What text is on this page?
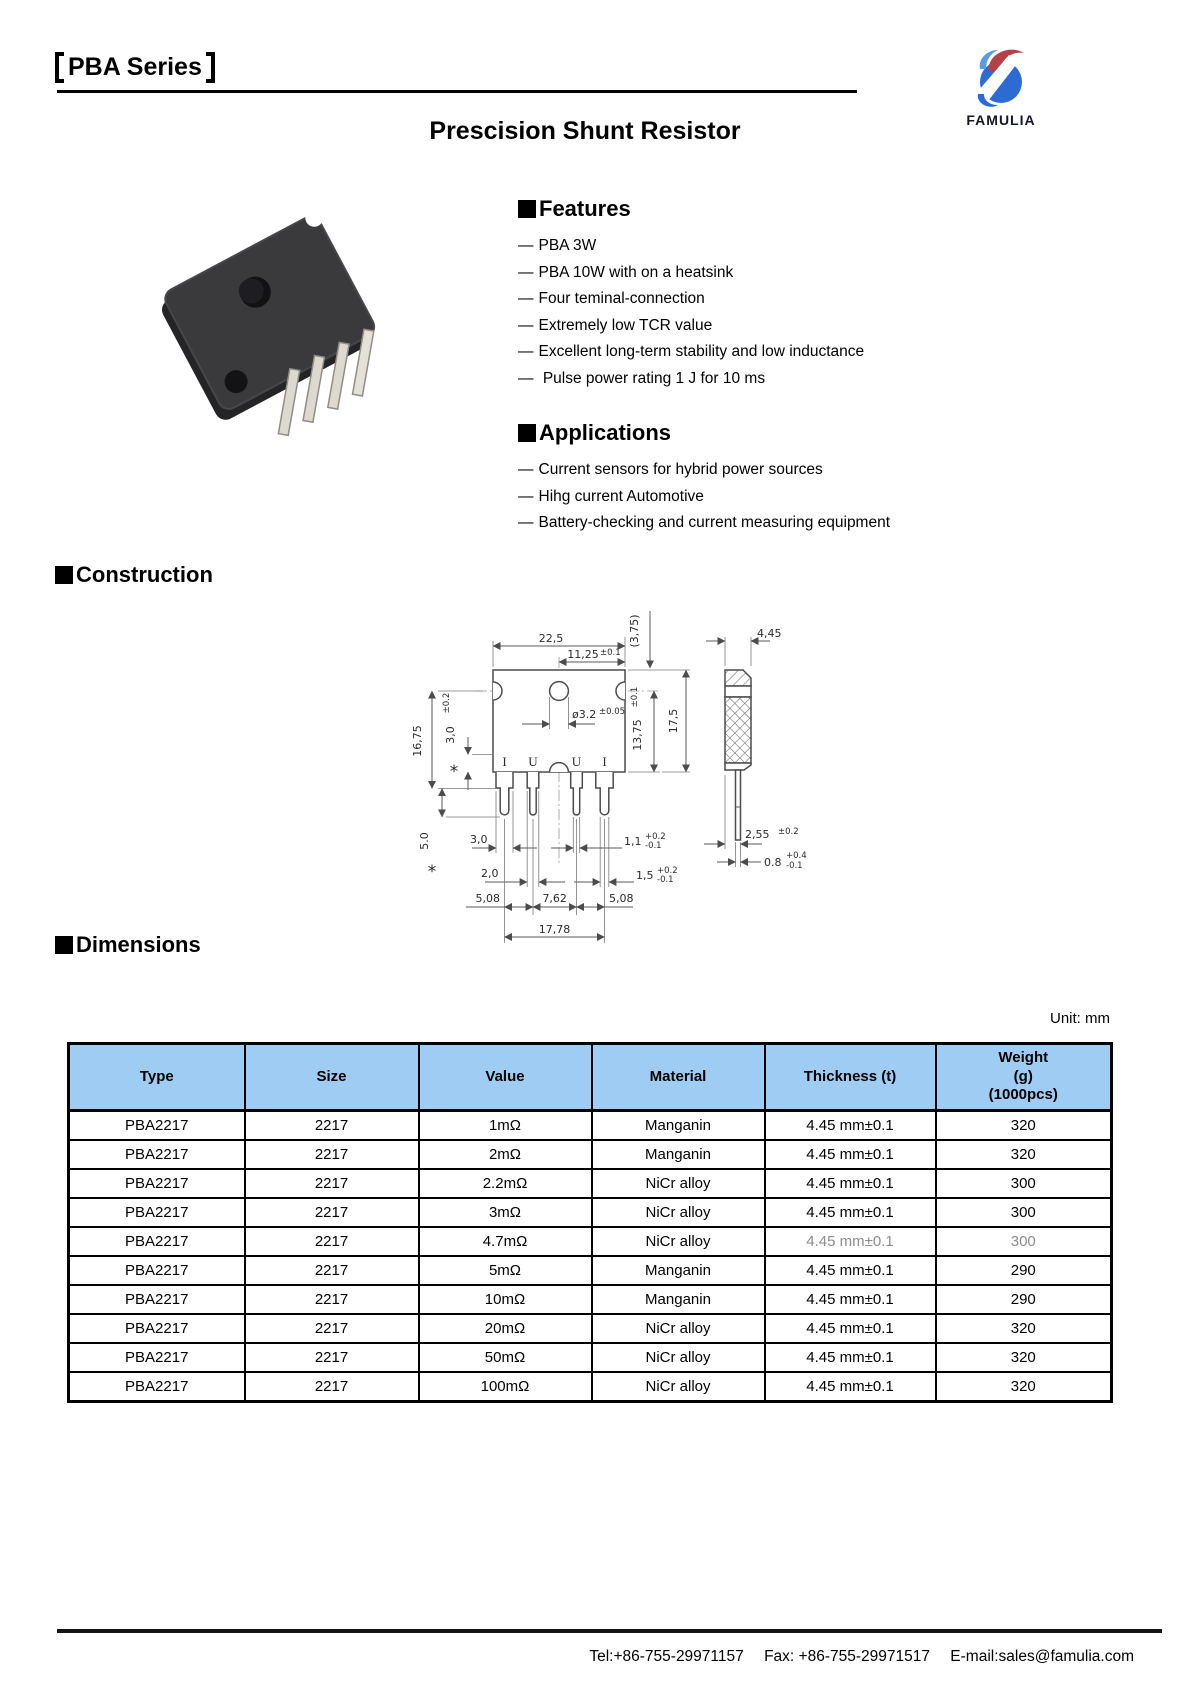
PBA Series
FAMULIA
Prescision Shunt Resistor
Features
— PBA 3W
— PBA 10W with on a heatsink
— Four teminal-connection
— Extremely low TCR value
— Excellent long-term stability and low inductance
— Pulse power rating 1 J for 10 ms
Applications
— Current sensors for hybrid power sources
— Hihg current Automotive
— Battery-checking and current measuring equipment
Construction
I U	U I
22,5
11,25 ±0.1
(3,75)
16,75 3,0
±0.2
*
ø3.2 ±0.05
13,75
±0.1
17,5
3,0	1,1 +0.2
-0.1
2,0	1,5 +0.2
-0.1
5.0
*
5,08	7,62	5,08
17,78
4,45
2,55 ±0.2
0.8 +0.4
-0.1
Dimensions
Unit: mm
Type	Size	Value	Material	Thickness (t)	Weight
(g)
(1000pcs)
PBA2217	2217	1mΩ	Manganin	4.45 mm±0.1	320
PBA2217	2217	2mΩ	Manganin	4.45 mm±0.1	320
PBA2217	2217	2.2mΩ	NiCr alloy	4.45 mm±0.1	300
PBA2217	2217	3mΩ	NiCr alloy	4.45 mm±0.1	300
PBA2217	2217	4.7mΩ	NiCr alloy	4.45 mm±0.1	300
PBA2217	2217	5mΩ	Manganin	4.45 mm±0.1	290
PBA2217	2217	10mΩ	Manganin	4.45 mm±0.1	290
PBA2217	2217	20mΩ	NiCr alloy	4.45 mm±0.1	320
PBA2217	2217	50mΩ	NiCr alloy	4.45 mm±0.1	320
PBA2217	2217	100mΩ	NiCr alloy	4.45 mm±0.1	320
Tel:+86-755-29971157 Fax: +86-755-29971517 E-mail:sales@famulia.com
